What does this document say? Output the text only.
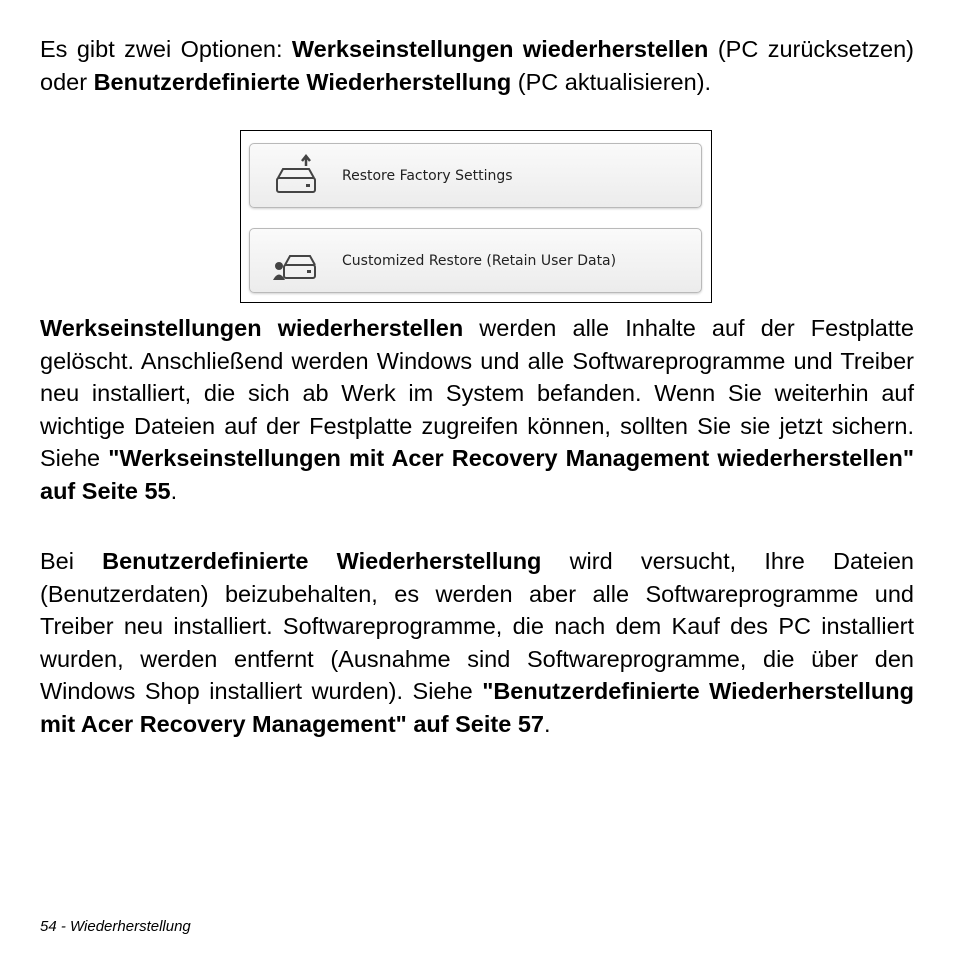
Es gibt zwei Optionen: Werkseinstellungen wiederherstellen (PC zurücksetzen) oder Benutzerdefinierte Wiederherstellung (PC aktualisieren).

Restore Factory Settings
Customized Restore (Retain User Data)

Werkseinstellungen wiederherstellen werden alle Inhalte auf der Festplatte gelöscht. Anschließend werden Windows und alle Softwareprogramme und Treiber neu installiert, die sich ab Werk im System befanden. Wenn Sie weiterhin auf wichtige Dateien auf der Festplatte zugreifen können, sollten Sie sie jetzt sichern. Siehe "Werkseinstellungen mit Acer Recovery Management wiederherstellen" auf Seite 55.

Bei Benutzerdefinierte Wiederherstellung wird versucht, Ihre Dateien (Benutzerdaten) beizubehalten, es werden aber alle Softwareprogramme und Treiber neu installiert. Softwareprogramme, die nach dem Kauf des PC installiert wurden, werden entfernt (Ausnahme sind Softwareprogramme, die über den Windows Shop installiert wurden). Siehe "Benutzerdefinierte Wiederherstellung mit Acer Recovery Management" auf Seite 57.

54 - Wiederherstellung
